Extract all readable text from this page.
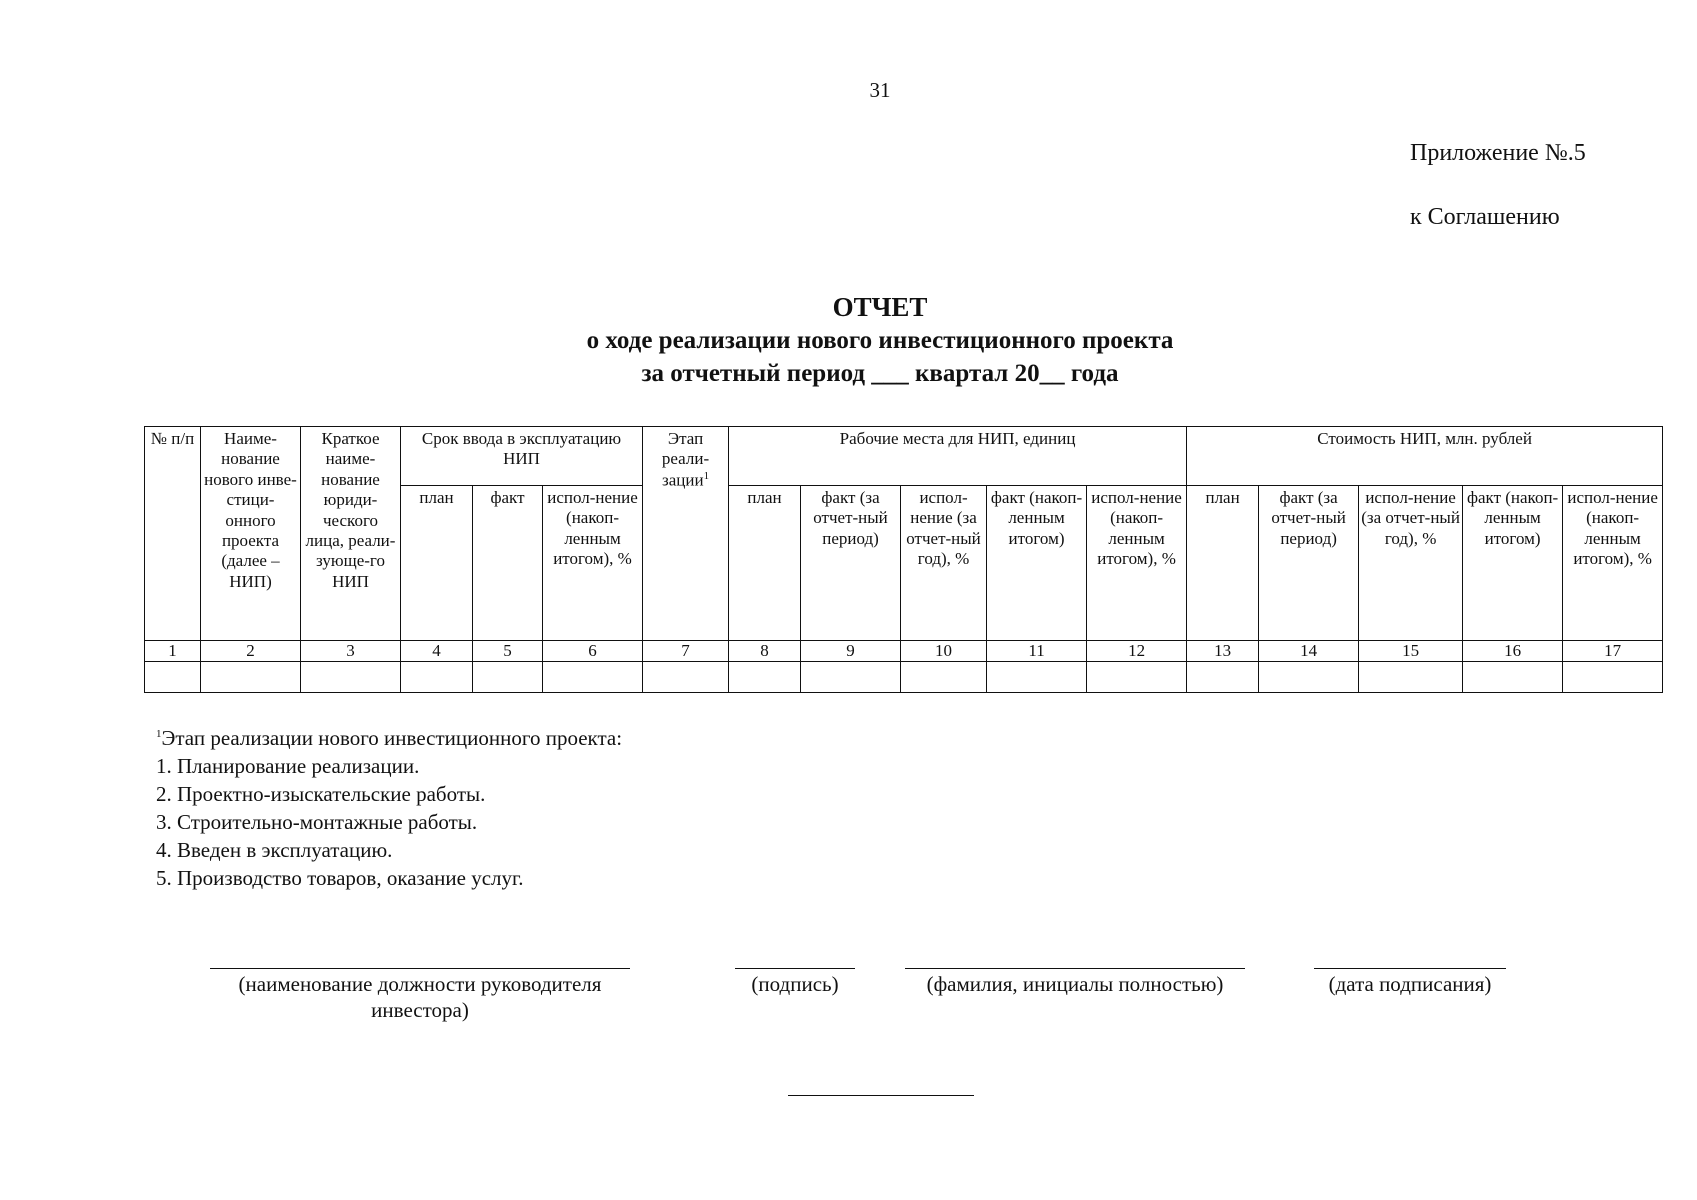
31
Приложение №.5
к Соглашению
ОТЧЕТ
о ходе реализации нового инвестиционного проекта
за отчетный период ___ квартал 20__ года
№ п/п	Наиме-нование нового инве-стици-онного проекта (далее – НИП)	Краткое наиме-нование юриди-ческого лица, реали-зующе-го НИП	Срок ввода в эксплуатацию НИП			Этап реали-зации$^1$	Рабочие места для НИП, единиц					Стоимость НИП, млн. рублей				
			план	факт	испол-нение (накоп-ленным итогом), %		план	факт (за отчет-ный период)	испол-нение (за отчет-ный год), %	факт (накоп-ленным итогом)	испол-нение (накоп-ленным итогом), %	план	факт (за отчет-ный период)	испол-нение (за отчет-ный год), %	факт (накоп-ленным итогом)	испол-нение (накоп-ленным итогом), %
1	2	3	4	5	6	7	8	9	10	11	12	13	14	15	16	17

$^1$Этап реализации нового инвестиционного проекта:
1. Планирование реализации.
2. Проектно-изыскательские работы.
3. Строительно-монтажные работы.
4. Введен в эксплуатацию.
5. Производство товаров, оказание услуг.
(наименование должности руководителя инвестора)
(подпись)	(фамилия, инициалы полностью)	(дата подписания)
